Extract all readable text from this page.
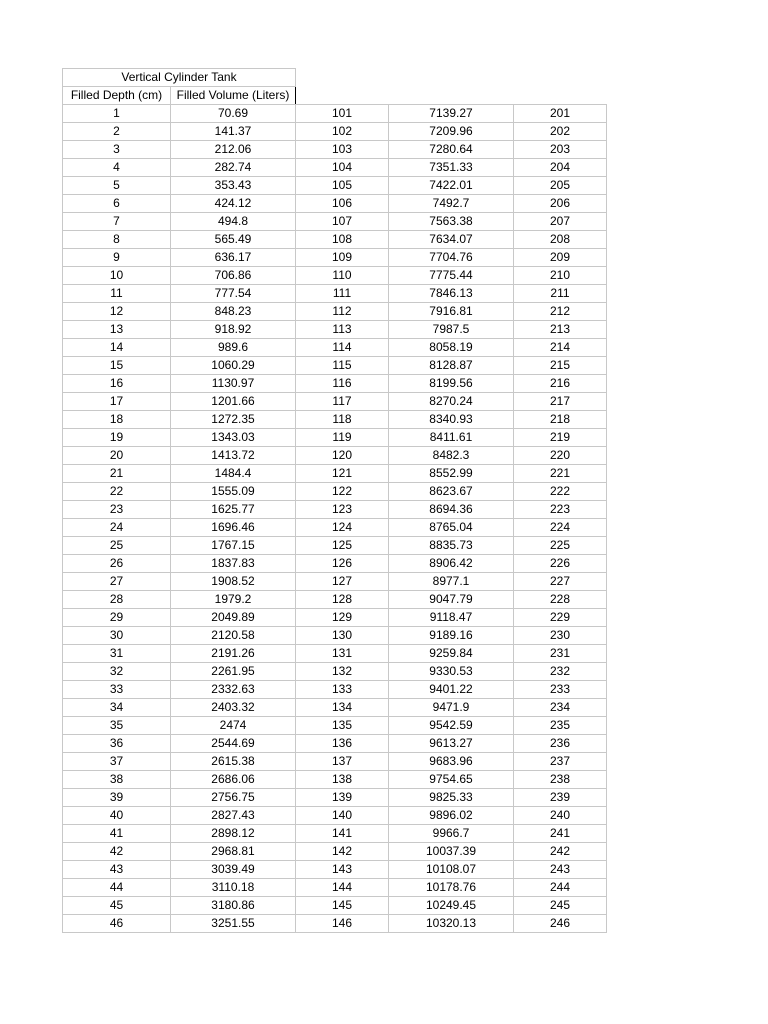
Vertical Cylinder Tank				
Filled Depth (cm)	Filled Volume (Liters)			
1	70.69	101	7139.27	201
2	141.37	102	7209.96	202
3	212.06	103	7280.64	203
4	282.74	104	7351.33	204
5	353.43	105	7422.01	205
6	424.12	106	7492.7	206
7	494.8	107	7563.38	207
8	565.49	108	7634.07	208
9	636.17	109	7704.76	209
10	706.86	110	7775.44	210
11	777.54	111	7846.13	211
12	848.23	112	7916.81	212
13	918.92	113	7987.5	213
14	989.6	114	8058.19	214
15	1060.29	115	8128.87	215
16	1130.97	116	8199.56	216
17	1201.66	117	8270.24	217
18	1272.35	118	8340.93	218
19	1343.03	119	8411.61	219
20	1413.72	120	8482.3	220
21	1484.4	121	8552.99	221
22	1555.09	122	8623.67	222
23	1625.77	123	8694.36	223
24	1696.46	124	8765.04	224
25	1767.15	125	8835.73	225
26	1837.83	126	8906.42	226
27	1908.52	127	8977.1	227
28	1979.2	128	9047.79	228
29	2049.89	129	9118.47	229
30	2120.58	130	9189.16	230
31	2191.26	131	9259.84	231
32	2261.95	132	9330.53	232
33	2332.63	133	9401.22	233
34	2403.32	134	9471.9	234
35	2474	135	9542.59	235
36	2544.69	136	9613.27	236
37	2615.38	137	9683.96	237
38	2686.06	138	9754.65	238
39	2756.75	139	9825.33	239
40	2827.43	140	9896.02	240
41	2898.12	141	9966.7	241
42	2968.81	142	10037.39	242
43	3039.49	143	10108.07	243
44	3110.18	144	10178.76	244
45	3180.86	145	10249.45	245
46	3251.55	146	10320.13	246
